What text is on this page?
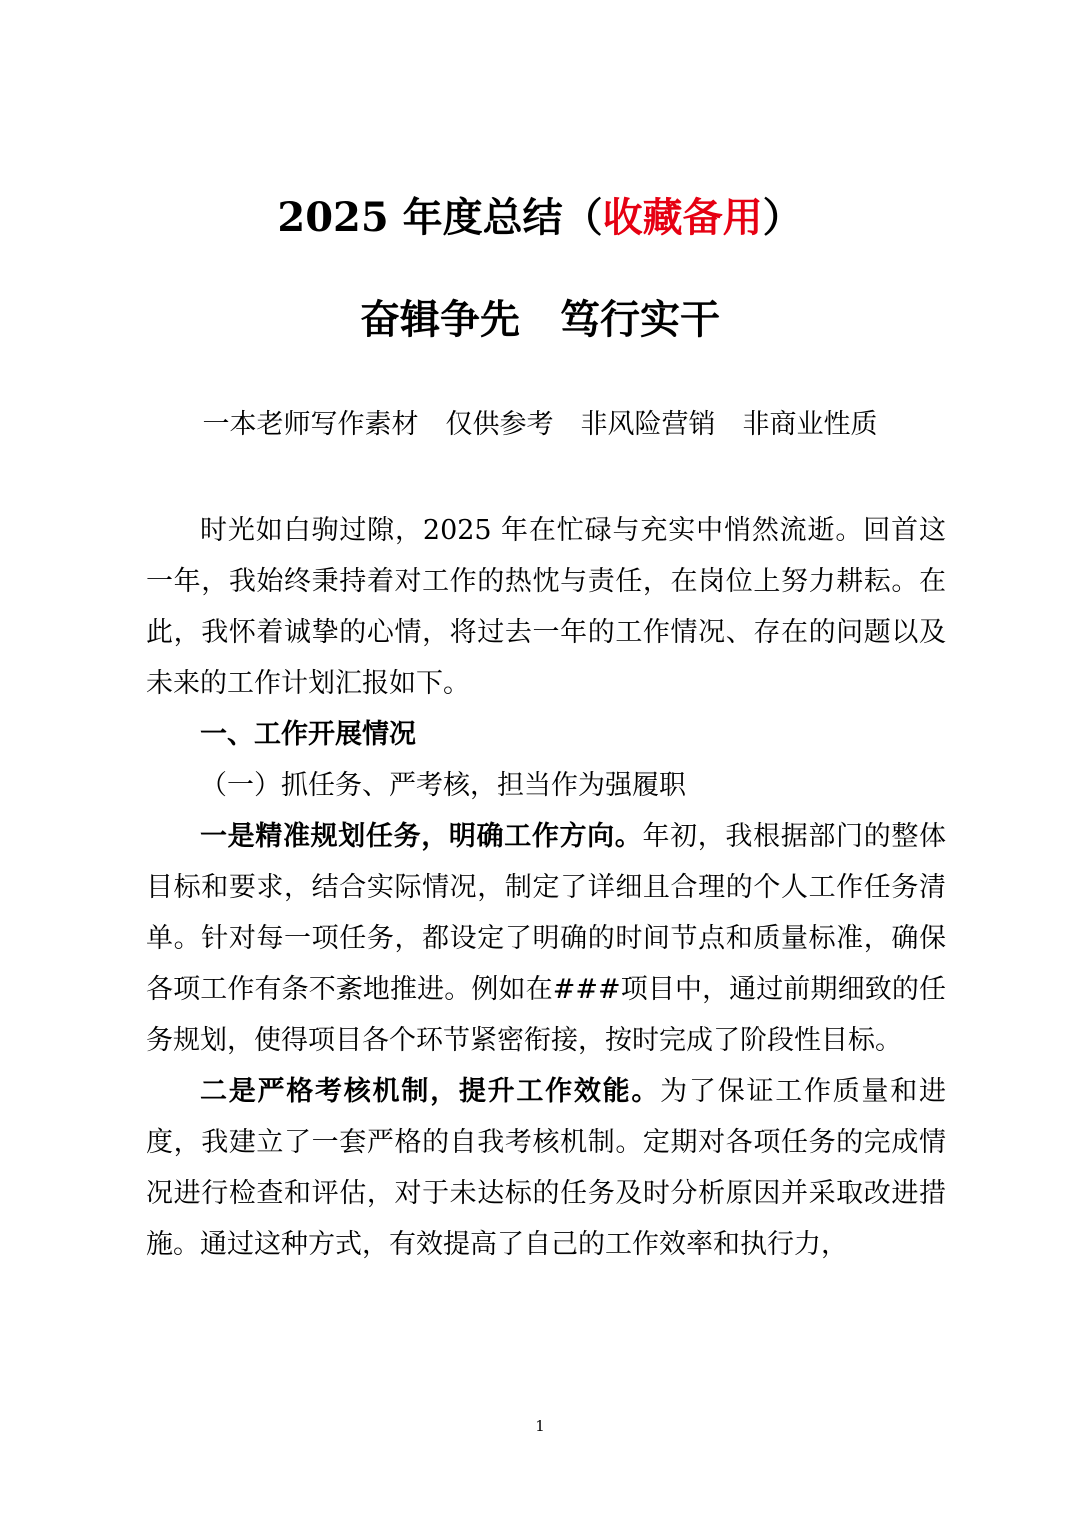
2025 年度总结（收藏备用）
奋辑争先　笃行实干
一本老师写作素材　仅供参考　非风险营销　非商业性质

时光如白驹过隙，2025 年在忙碌与充实中悄然流逝。回首这一年，我始终秉持着对工作的热忱与责任，在岗位上努力耕耘。在此，我怀着诚挚的心情，将过去一年的工作情况、存在的问题以及未来的工作计划汇报如下。

一、工作开展情况

（一）抓任务、严考核，担当作为强履职

一是精准规划任务，明确工作方向。年初，我根据部门的整体目标和要求，结合实际情况，制定了详细且合理的个人工作任务清单。针对每一项任务，都设定了明确的时间节点和质量标准，确保各项工作有条不紊地推进。例如在###项目中，通过前期细致的任务规划，使得项目各个环节紧密衔接，按时完成了阶段性目标。

二是严格考核机制，提升工作效能。为了保证工作质量和进度，我建立了一套严格的自我考核机制。定期对各项任务的完成情况进行检查和评估，对于未达标的任务及时分析原因并采取改进措施。通过这种方式，有效提高了自己的工作效率和执行力，

1
